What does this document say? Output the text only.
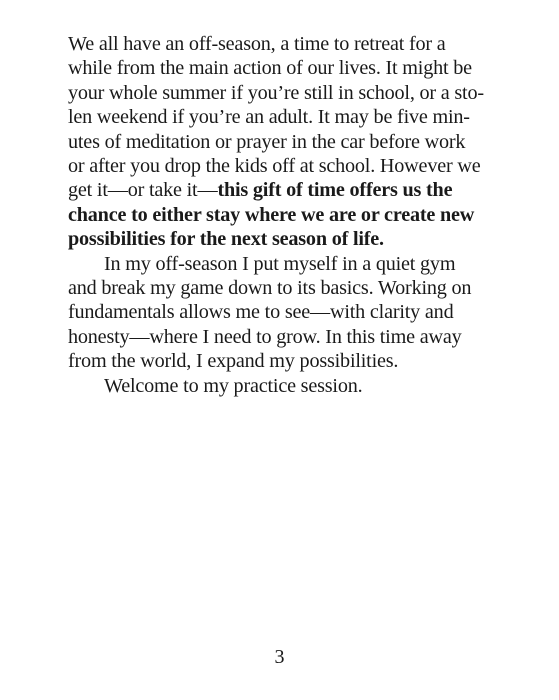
We all have an off-season, a time to retreat for a
while from the main action of our lives. It might be
your whole summer if you’re still in school, or a sto-
len weekend if you’re an adult. It may be five min-
utes of meditation or prayer in the car before work
or after you drop the kids off at school. However we
get it—or take it—this gift of time offers us the
chance to either stay where we are or create new
possibilities for the next season of life.

In my off-season I put myself in a quiet gym
and break my game down to its basics. Working on
fundamentals allows me to see—with clarity and
honesty—where I need to grow. In this time away
from the world, I expand my possibilities.

Welcome to my practice session.

3
